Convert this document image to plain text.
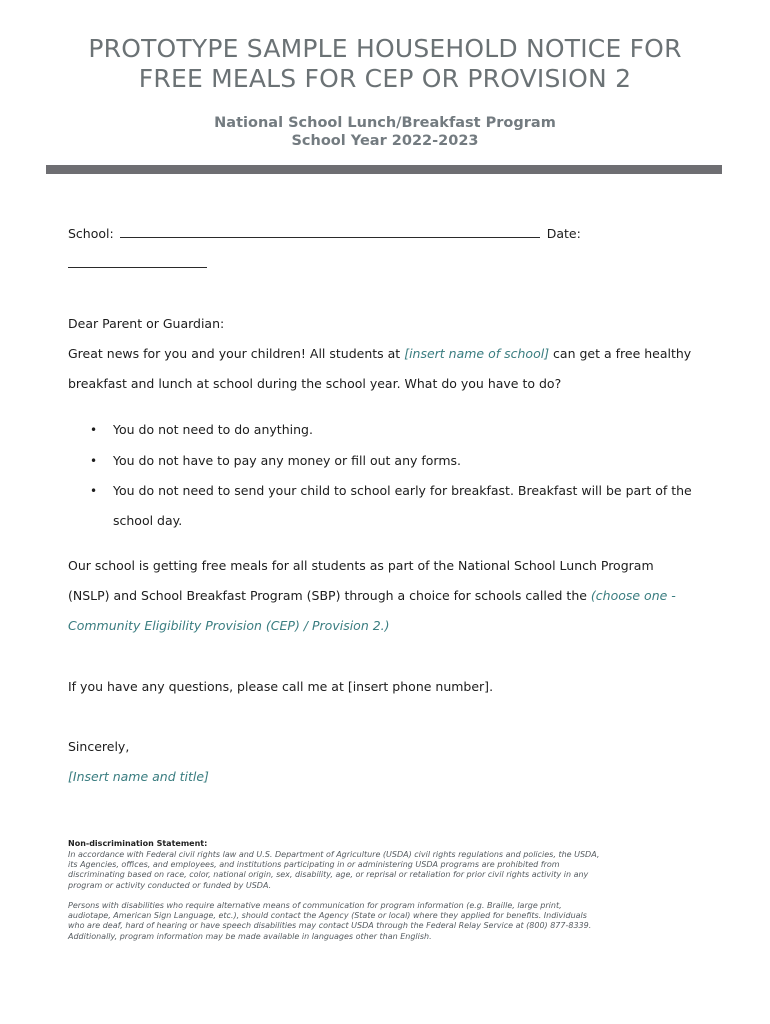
PROTOTYPE SAMPLE HOUSEHOLD NOTICE FOR
FREE MEALS FOR CEP OR PROVISION 2
National School Lunch/Breakfast Program
School Year 2022-2023
School:	Date:
Dear Parent or Guardian:
Great news for you and your children! All students at [insert name of school] can get a free healthy
breakfast and lunch at school during the school year. What do you have to do?
• You do not need to do anything.
• You do not have to pay any money or fill out any forms.
• You do not need to send your child to school early for breakfast. Breakfast will be part of the
school day.
Our school is getting free meals for all students as part of the National School Lunch Program
(NSLP) and School Breakfast Program (SBP) through a choice for schools called the (choose one -
Community Eligibility Provision (CEP) / Provision 2.)
If you have any questions, please call me at [insert phone number].
Sincerely,
[Insert name and title]
Non-discrimination Statement:
In accordance with Federal civil rights law and U.S. Department of Agriculture (USDA) civil rights regulations and policies, the USDA,
its Agencies, offices, and employees, and institutions participating in or administering USDA programs are prohibited from
discriminating based on race, color, national origin, sex, disability, age, or reprisal or retaliation for prior civil rights activity in any
program or activity conducted or funded by USDA.
Persons with disabilities who require alternative means of communication for program information (e.g. Braille, large print,
audiotape, American Sign Language, etc.), should contact the Agency (State or local) where they applied for benefits. Individuals
who are deaf, hard of hearing or have speech disabilities may contact USDA through the Federal Relay Service at (800) 877-8339.
Additionally, program information may be made available in languages other than English.
